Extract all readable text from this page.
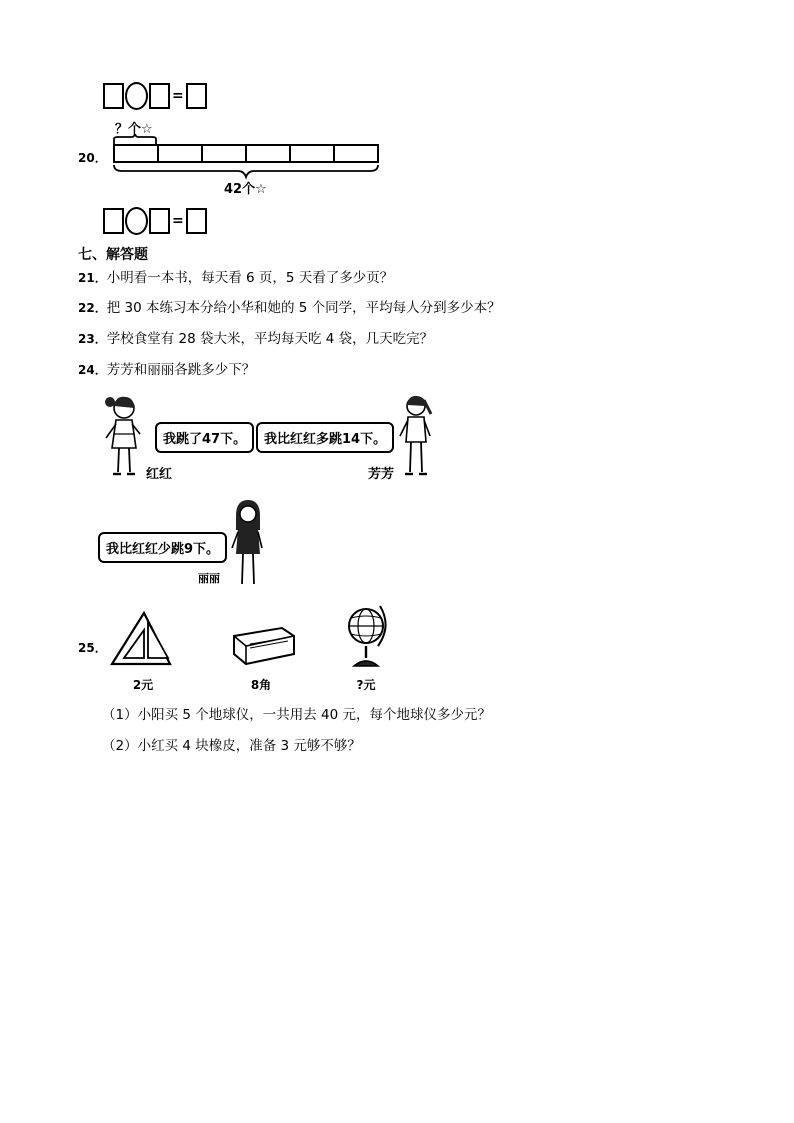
=
20．
？个☆
42个☆
=
七、解答题
21．小明看一本书，每天看 6 页，5 天看了多少页？
22．把 30 本练习本分给小华和她的 5 个同学，平均每人分到多少本？
23．学校食堂有 28 袋大米，平均每天吃 4 袋，几天吃完？
24．芳芳和丽丽各跳多少下？
我跳了47下。
红红
我比红红多跳14下。
芳芳
我比红红少跳9下。
丽丽
25．
2元	8角	?元
（1）小阳买 5 个地球仪，一共用去 40 元，每个地球仪多少元？
（2）小红买 4 块橡皮，准备 3 元够不够？
